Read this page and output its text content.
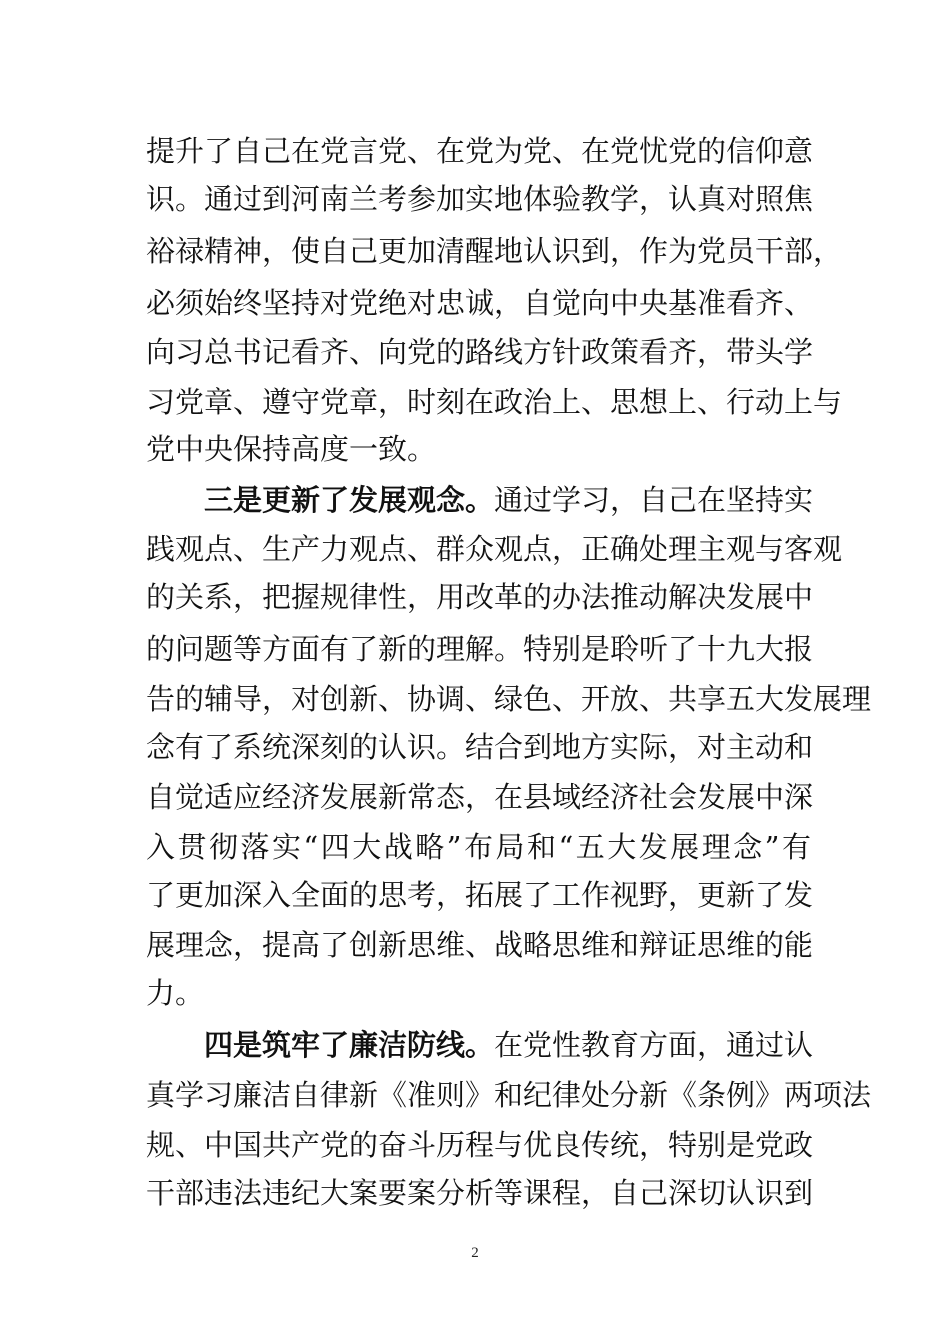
提升了自己在党言党、在党为党、在党忧党的信仰意
识。通过到河南兰考参加实地体验教学，认真对照焦
裕禄精神，使自己更加清醒地认识到，作为党员干部，
必须始终坚持对党绝对忠诚，自觉向中央基准看齐、
向习总书记看齐、向党的路线方针政策看齐，带头学
习党章、遵守党章，时刻在政治上、思想上、行动上与
党中央保持高度一致。
三是更新了发展观念。通过学习，自己在坚持实
践观点、生产力观点、群众观点，正确处理主观与客观
的关系，把握规律性，用改革的办法推动解决发展中
的问题等方面有了新的理解。特别是聆听了十九大报
告的辅导，对创新、协调、绿色、开放、共享五大发展理
念有了系统深刻的认识。结合到地方实际，对主动和
自觉适应经济发展新常态，在县域经济社会发展中深
入贯彻落实“四大战略”布局和“五大发展理念”有
了更加深入全面的思考，拓展了工作视野，更新了发
展理念，提高了创新思维、战略思维和辩证思维的能
力。
四是筑牢了廉洁防线。在党性教育方面，通过认
真学习廉洁自律新《准则》和纪律处分新《条例》两项法
规、中国共产党的奋斗历程与优良传统，特别是党政
干部违法违纪大案要案分析等课程，自己深切认识到
2
